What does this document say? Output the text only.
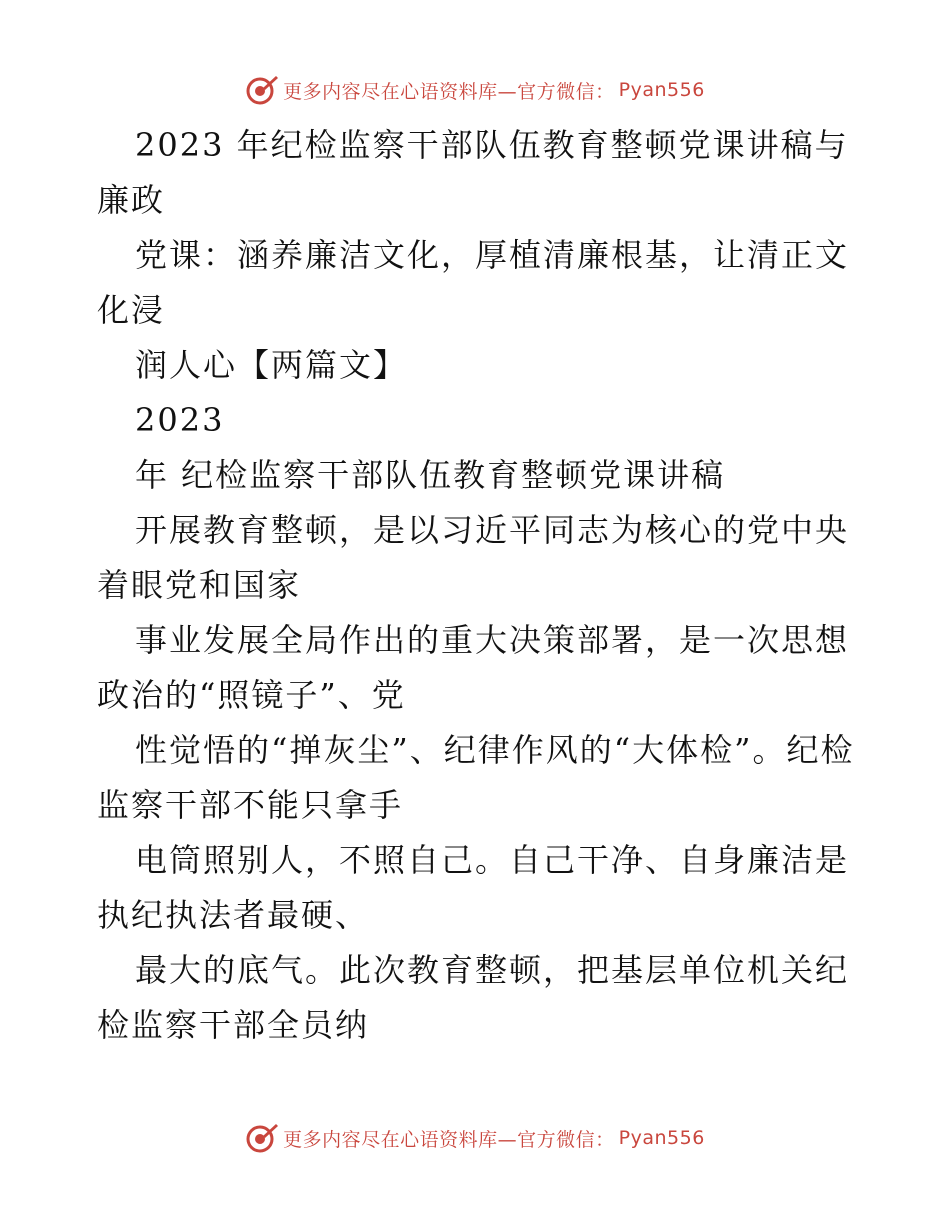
更多内容尽在心语资料库—官方微信： Pyan556

2023 年纪检监察干部队伍教育整顿党课讲稿与廉政

党课：涵养廉洁文化，厚植清廉根基，让清正文化浸

润人心【两篇文】

2023

年 纪检监察干部队伍教育整顿党课讲稿

开展教育整顿，是以习近平同志为核心的党中央着眼党和国家

事业发展全局作出的重大决策部署，是一次思想政治的“照镜子”、党

性觉悟的“掸灰尘”、纪律作风的“大体检”。纪检监察干部不能只拿手

电筒照别人，不照自己。自己干净、自身廉洁是执纪执法者最硬、

最大的底气。此次教育整顿，把基层单位机关纪检监察干部全员纳

更多内容尽在心语资料库—官方微信： Pyan556
